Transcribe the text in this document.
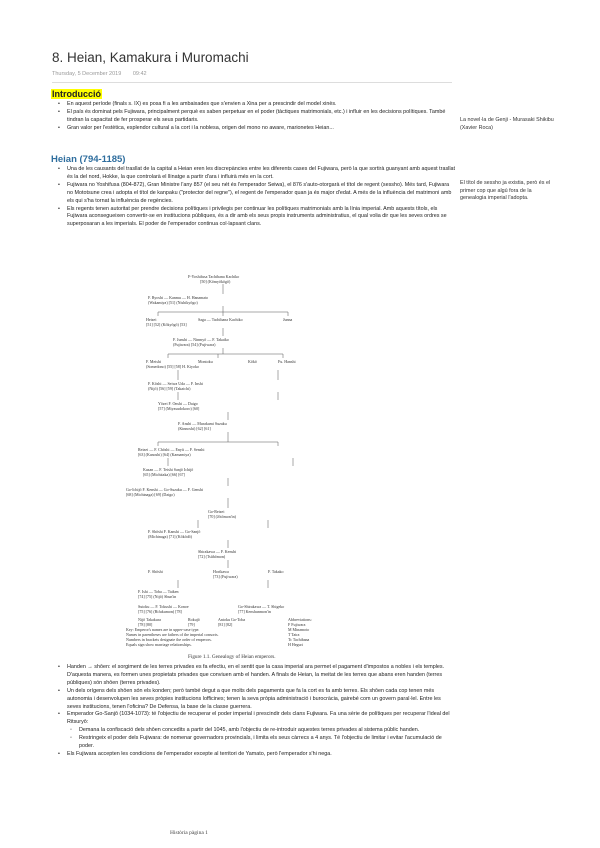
8. Heian, Kamakura i Muromachi
Thursday, 5 December 2019 09:42
Introducció
• En aquest període (finals s. IX) es posa fi a les ambaixades que s'envien a Xina per a prescindir del model xinès.
• El país és dominat pels Fujiwara, principalment perquè es saben perpetuar en el poder (tàctiques matrimonials, etc.) i influir en les decisions polítiques. També tindran la capacitat de fer prosperar els seus partidaris.
• Gran valor per l'estètica, esplendor cultural a la cort i la noblesa, origen del mono no aware, marionetes Heian...
Heian (794-1185)
• Una de les causants del trasllat de la capital a Heian eren les discrepàncies entre les diferents cases del Fujiwara, però la que sortirà guanyant amb aquest trasllat és la del nord, Hokke, la que controlarà el llinatge a partir d'ara i influirà més en la cort.
• Fujiwara no Yoshifusa (804-872), Gran Ministre l'any 857 (el seu nét és l'emperador Seiwa), el 876 s'auto-otorgarà el títol de regent (sessho). Més tard, Fujiwara no Mototsune crea i adopta el títol de kanpaku ("protector del regne"), el regent de l'emperador quan ja és major d'edat. A més de la influència del matrimoni amb els qui s'ha tornat la influència de regències.
• Els regents tenen autoritat per prendre decisions polítiques i privilegis per continuar les polítiques matrimonials amb la línia imperial. Amb aquests títols, els Fujiwara aconsegueixen convertir-se en institucions públiques, és a dir amb els seus propis instruments administratius, el qual volia dir que les seves ordres se superposaran a les imperials. El poder de l'emperador continua col·lapsant clans.
La novel·la de Genji - Murasaki Shikibu (Xavier Roca)
El títol de sessho ja existia, però és el primer cop que algú fora de la genealogia imperial l'adopta.
F-Yoshifusa Tachibana Kachiko
[50] (Kōmyōkōgō)
F. Ryoshi — Kanmu — H. Hanamato
(Wakamiya) [51] (Nishikyōgo)
Heizei	Saga — Tachibana Kachiko	Junna
[51] [52] (Kōkyōgō) [53]
F. Junshi — Ninmyō — F. Takaiko
(Fujiwara) [54] (Fujiwara)
F. Meishi	Montoku	Kōkō	Fu. Hanshi
(Somedono) [55] [58] H. Kiyoko
F. Kōshi — Seiwa Uda — F. Inshi
(Nijō) [56] [59] (Takaichi)
Yōzei F. Onshi — Daigo
[57] (Miyasudokoro) [60]
F. Anshi — Murakami Suzaku
(Kinnoshi) [62] [61]
Reizei — F. Chōshi — Enyū — F. Senshi
[63] (Kanoshi) [64] (Kamamiya)
Kazan — F. Teishi Sanjō Ichijō
[65] (Michitaka) [66] [67]
Go-Ichijō F. Kenshi — Go-Suzaku — F. Genshi
[68] (Michinaga) [69] (Daigo)
Go-Reizei
[70] (Jōtōmon'in)
F. Shōshi F. Kanshi — Go-Sanjō
(Michinaga) [71] (Kōkōdō)
Shirakawa — F. Kenshi
[72] (Tsūhōmon)
F. Shōshi	Horikawa	F. Takako
[73] (Fujiwara)
F. Ishi — Toba — Taiken
[74] [75] (Nijō) Shun'in
Sutoku — F. Tokushi — Konoe
[75] [76] (Bifukumon) [78]
Go-Shirakawa — T. Shigeko
[77] Kenshunmon'in
Nijō Takakura
[78] [80]
Rokujō
[79]
Antoku Go-Toba
[81] [82]
Abbreviations:
F Fujiwara
M Minamoto
T Taira
Tc Tachibana
H Heguri
Key: Emperor's names are in upper-case type.
Names in parentheses are fathers of the imperial consorts.
Numbers in brackets designate the order of emperors.
Equals sign show marriage relationships.
Figure 1.1. Genealogy of Heian emperors.
• Handen → shōen: el sorgiment de les terres privades es fa efectiu, en el sentit que la casa imperial ara permet el pagament d'impostos a nobles i els temples. D'aquesta manera, es formen unes propietats privades que conviuen amb el handen. A finals de Heian, la meitat de les terres que abans eren handen (terres públiques) són shōen (terres privades).
• Un dels orígens dels shōen són els konden; però també degut a que molts dels pagaments que fa la cort es fa amb terres. Els shōen cada cop tenen més autonomia i desenvolupen les seves pròpies institucions lofficines; tenen la seva pròpia administració i burocràcia, gairebé com un govern paral·lel. Entre les seves institucions, tenen l'oficina? De Defensa, la base de la classe guerrera.
• Emperador Go-Sanjō (1034-1073): té l'objectiu de recuperar el poder imperial i prescindir dels clans Fujiwara. Fa una sèrie de polítiques per recuperar l'ideal del Ritsuryō:
◦ Demana la confiscació dels shōen concedits a partir del 1045, amb l'objectiu de re-introduir aquestes terres privades al sistema públic handen.
◦ Restringeix el poder dels Fujiwara: de nomenar governadors provincials, i limita els seus càrrecs a 4 anys. Té l'objectiu de limitar i evitar l'acumulació de poder.
• Els Fujiwara accepten les condicions de l'emperador excepte al territori de Yamato, però l'emperador s'hi nega.
Història pàgina 1
